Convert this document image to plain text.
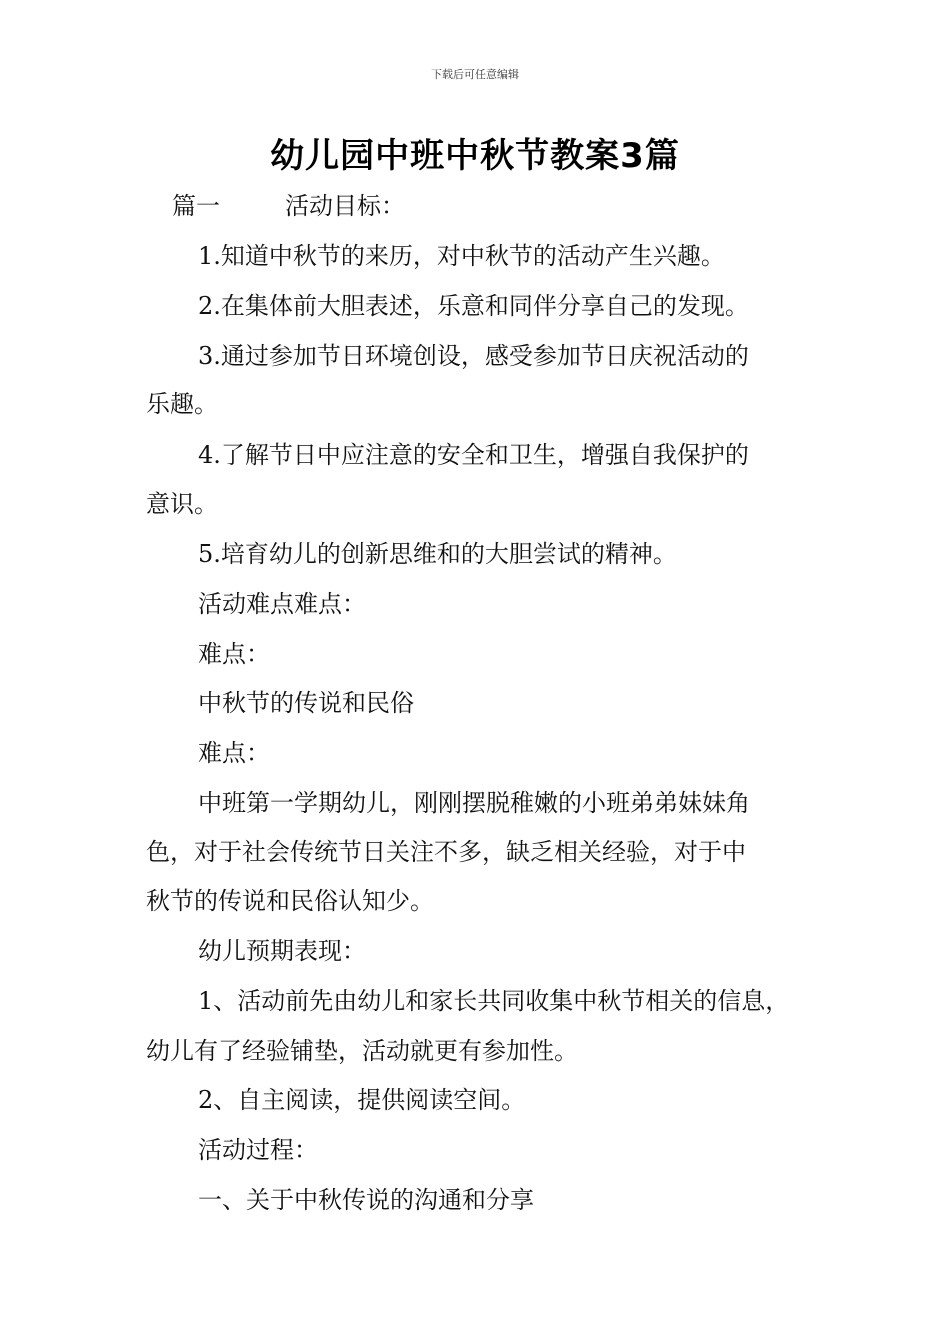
下载后可任意编辑
幼儿园中班中秋节教案3篇
篇一	活动目标：
1.知道中秋节的来历，对中秋节的活动产生兴趣。
2.在集体前大胆表述，乐意和同伴分享自己的发现。
3.通过参加节日环境创设，感受参加节日庆祝活动的
乐趣。
4.了解节日中应注意的安全和卫生，增强自我保护的
意识。
5.培育幼儿的创新思维和的大胆尝试的精神。
活动难点难点：
难点：
中秋节的传说和民俗
难点：
中班第一学期幼儿，刚刚摆脱稚嫩的小班弟弟妹妹角
色，对于社会传统节日关注不多，缺乏相关经验，对于中
秋节的传说和民俗认知少。
幼儿预期表现：
1、活动前先由幼儿和家长共同收集中秋节相关的信息，
幼儿有了经验铺垫，活动就更有参加性。
2、自主阅读，提供阅读空间。
活动过程：
一、关于中秋传说的沟通和分享
